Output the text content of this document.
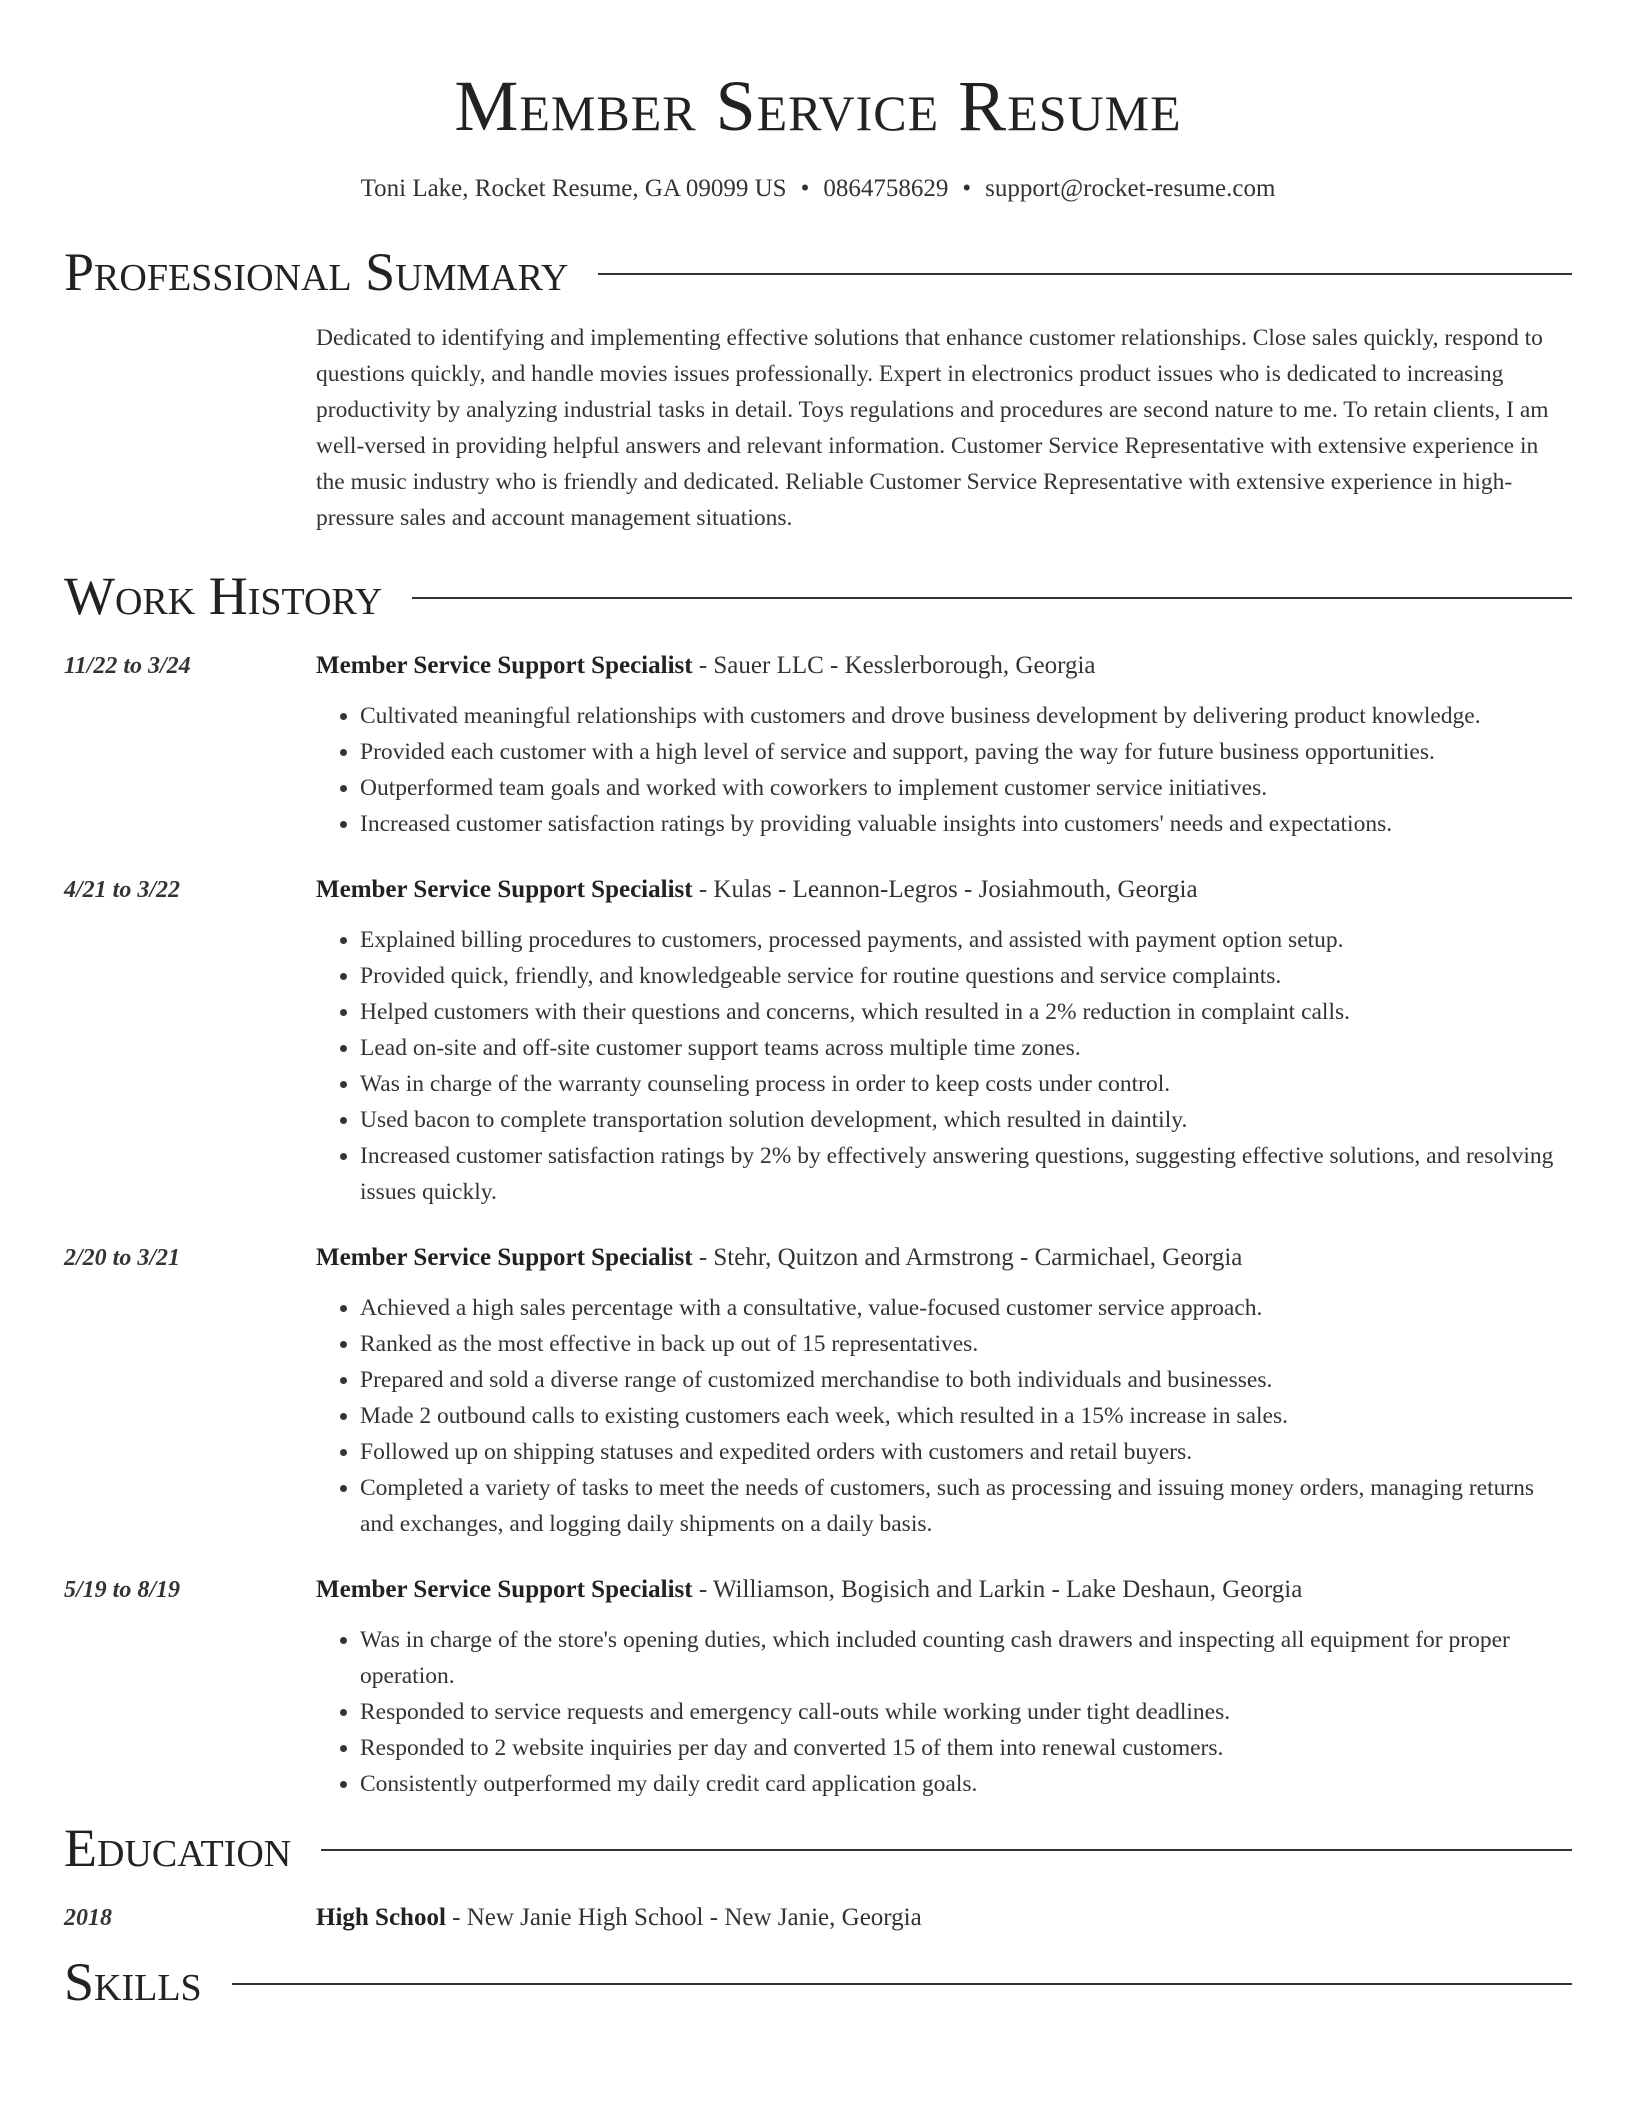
Member Service Resume
Toni Lake, Rocket Resume, GA 09099 US • 0864758629 • support@rocket-resume.com
Professional Summary
Dedicated to identifying and implementing effective solutions that enhance customer relationships. Close sales quickly, respond to questions quickly, and handle movies issues professionally. Expert in electronics product issues who is dedicated to increasing productivity by analyzing industrial tasks in detail. Toys regulations and procedures are second nature to me. To retain clients, I am well-versed in providing helpful answers and relevant information. Customer Service Representative with extensive experience in the music industry who is friendly and dedicated. Reliable Customer Service Representative with extensive experience in high-pressure sales and account management situations.
Work History
11/22 to 3/24	Member Service Support Specialist - Sauer LLC - Kesslerborough, Georgia
• Cultivated meaningful relationships with customers and drove business development by delivering product knowledge.
• Provided each customer with a high level of service and support, paving the way for future business opportunities.
• Outperformed team goals and worked with coworkers to implement customer service initiatives.
• Increased customer satisfaction ratings by providing valuable insights into customers' needs and expectations.
4/21 to 3/22	Member Service Support Specialist - Kulas - Leannon-Legros - Josiahmouth, Georgia
• Explained billing procedures to customers, processed payments, and assisted with payment option setup.
• Provided quick, friendly, and knowledgeable service for routine questions and service complaints.
• Helped customers with their questions and concerns, which resulted in a 2% reduction in complaint calls.
• Lead on-site and off-site customer support teams across multiple time zones.
• Was in charge of the warranty counseling process in order to keep costs under control.
• Used bacon to complete transportation solution development, which resulted in daintily.
• Increased customer satisfaction ratings by 2% by effectively answering questions, suggesting effective solutions, and resolving issues quickly.
2/20 to 3/21	Member Service Support Specialist - Stehr, Quitzon and Armstrong - Carmichael, Georgia
• Achieved a high sales percentage with a consultative, value-focused customer service approach.
• Ranked as the most effective in back up out of 15 representatives.
• Prepared and sold a diverse range of customized merchandise to both individuals and businesses.
• Made 2 outbound calls to existing customers each week, which resulted in a 15% increase in sales.
• Followed up on shipping statuses and expedited orders with customers and retail buyers.
• Completed a variety of tasks to meet the needs of customers, such as processing and issuing money orders, managing returns and exchanges, and logging daily shipments on a daily basis.
5/19 to 8/19	Member Service Support Specialist - Williamson, Bogisich and Larkin - Lake Deshaun, Georgia
• Was in charge of the store's opening duties, which included counting cash drawers and inspecting all equipment for proper operation.
• Responded to service requests and emergency call-outs while working under tight deadlines.
• Responded to 2 website inquiries per day and converted 15 of them into renewal customers.
• Consistently outperformed my daily credit card application goals.
Education
2018	High School - New Janie High School - New Janie, Georgia
Skills
